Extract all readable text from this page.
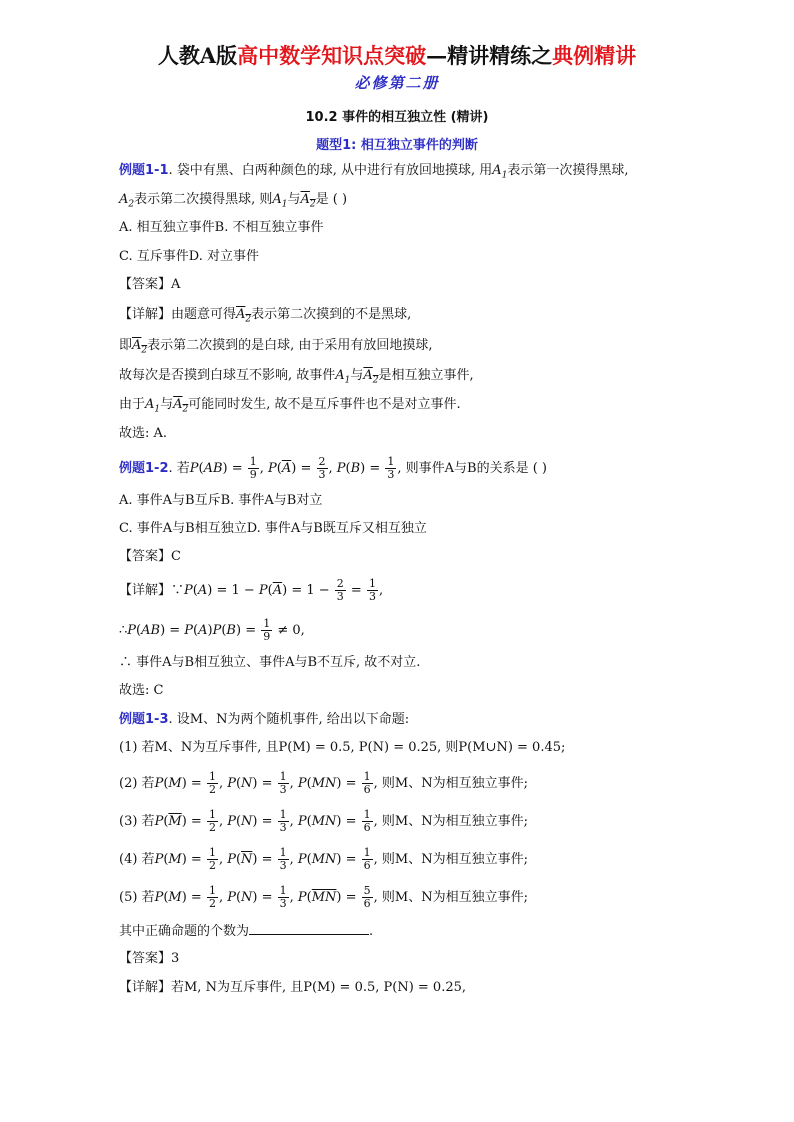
人教A版高中数学知识点突破—精讲精练之典例精讲
必修第二册
10.2 事件的相互独立性 (精讲)
题型1: 相互独立事件的判断
例题1-1. 袋中有黑、白两种颜色的球, 从中进行有放回地摸球, 用$A_1$表示第一次摸得黑球,
$A_2$表示第二次摸得黑球, 则$A_1$与$A_2$是 ( )
A. 相互独立事件B. 不相互独立事件
C. 互斥事件D. 对立事件
【答案】A
【详解】由题意可得$A_2$表示第二次摸到的不是黑球,
即$A_2$表示第二次摸到的是白球, 由于采用有放回地摸球,
故每次是否摸到白球互不影响, 故事件$A_1$与$A_2$是相互独立事件,
由于$A_1$与$A_2$可能同时发生, 故不是互斥事件也不是对立事件.
故选: A.
例题1-2. 若$P(AB) = \frac{1}{9}$ , $P(\overline{A}) = \frac{2}{3}$ , $P(B) = \frac{1}{3}$ , 则事件A与B的关系是 ( )
A. 事件A与B互斥B. 事件A与B对立
C. 事件A与B相互独立D. 事件A与B既互斥又相互独立
【答案】C
【详解】∵P(A) = $1 - P(\overline{A}) = 1 - \frac{2}{3} = \frac{1}{3}$ ,
∴P(AB) = $P(A)P(B) = \frac{1}{9} \ne 0$,
∴ 事件A与B相互独立、事件A与B不互斥, 故不对立.
故选: C
例题1-3. 设M、N为两个随机事件, 给出以下命题:
(1) 若M、N为互斥事件, 且P(M) = 0.5, P(N) = 0.25, 则P(M∪N) = 0.45;
(2) 若$P(M) = \frac{1}{2}$ , $P(N) = \frac{1}{3}$ , $P(MN) = \frac{1}{6}$ , 则M、N为相互独立事件;
(3) 若$P(\overline{M}) = \frac{1}{2}$ , $P(N) = \frac{1}{3}$ , $P(MN) = \frac{1}{6}$ , 则M、N为相互独立事件;
(4) 若$P(M) = \frac{1}{2}$ , $P(\overline{N}) = \frac{1}{3}$ , $P(MN) = \frac{1}{6}$ , 则M、N为相互独立事件;
(5) 若$P(M) = \frac{1}{2}$ , $P(N) = \frac{1}{3}$ , $P(\overline{MN}) = \frac{5}{6}$ , 则M、N为相互独立事件;
其中正确命题的个数为	.
【答案】3
【详解】若M, N为互斥事件, 且P(M) = 0.5, P(N) = 0.25,
